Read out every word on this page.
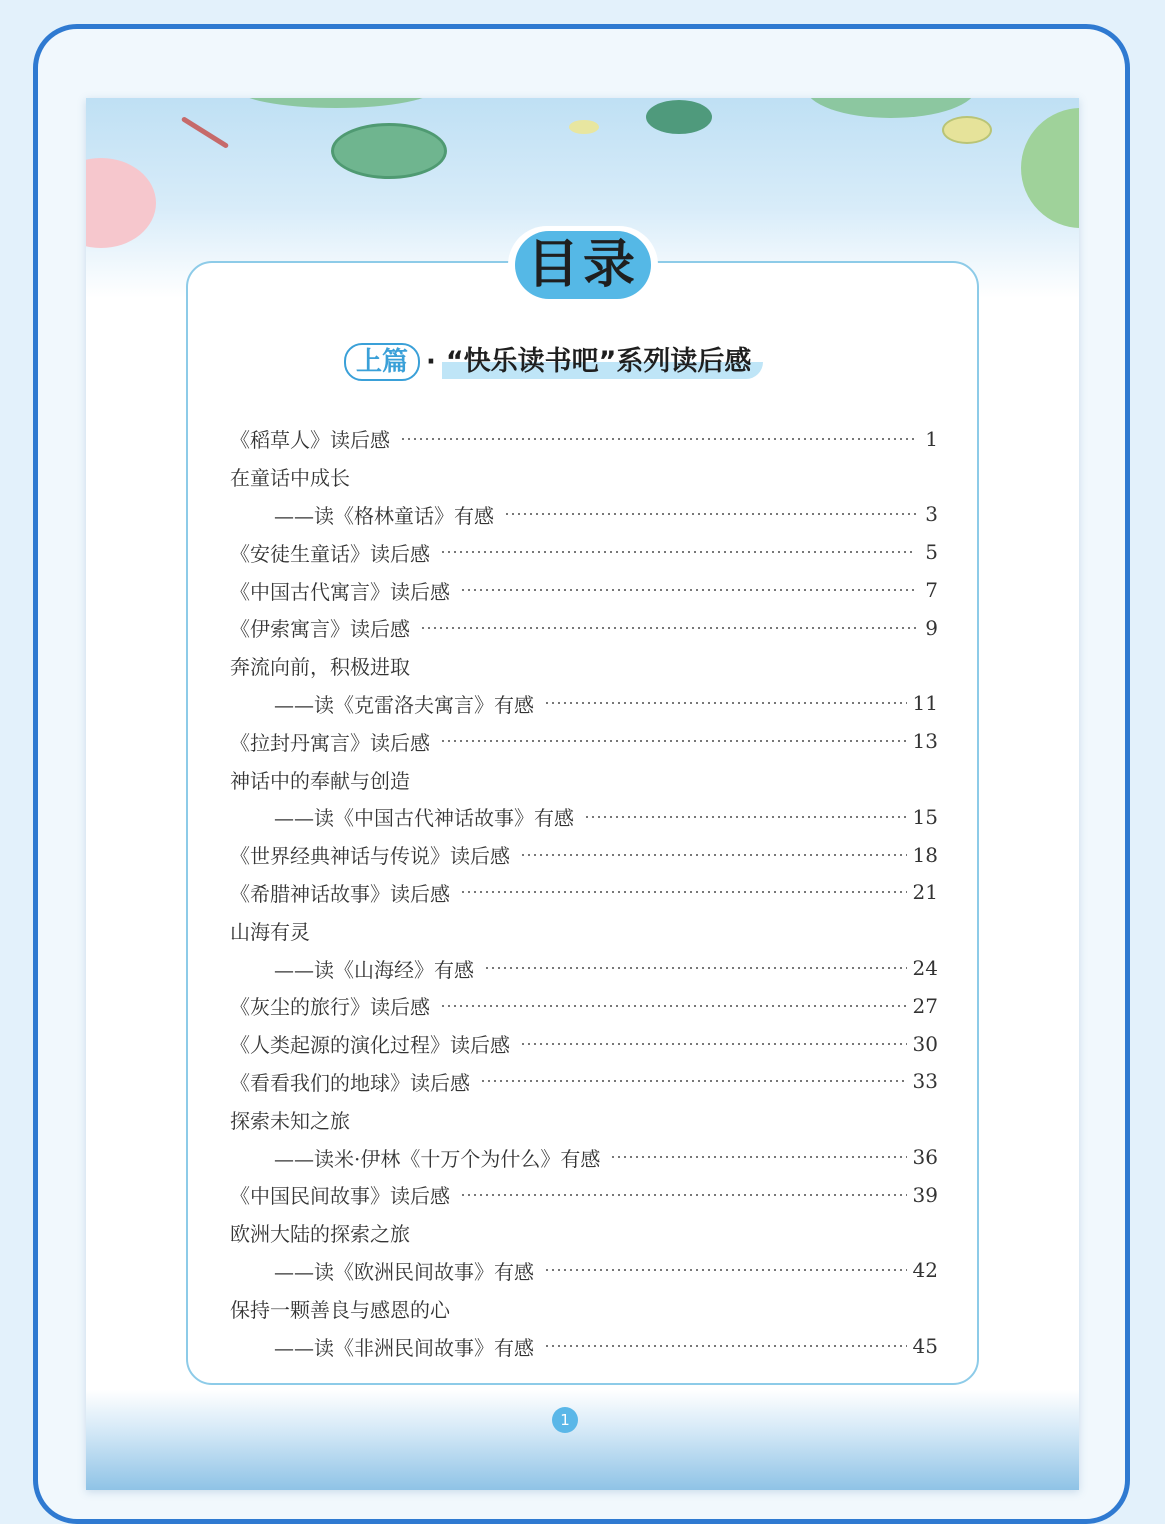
目录
上篇 · “快乐读书吧”系列读后感
《稻草人》读后感	1
在童话中成长
——读《格林童话》有感	3
《安徒生童话》读后感	5
《中国古代寓言》读后感	7
《伊索寓言》读后感	9
奔流向前，积极进取
——读《克雷洛夫寓言》有感	11
《拉封丹寓言》读后感	13
神话中的奉献与创造
——读《中国古代神话故事》有感	15
《世界经典神话与传说》读后感	18
《希腊神话故事》读后感	21
山海有灵
——读《山海经》有感	24
《灰尘的旅行》读后感	27
《人类起源的演化过程》读后感	30
《看看我们的地球》读后感	33
探索未知之旅
——读米·伊林《十万个为什么》有感	36
《中国民间故事》读后感	39
欧洲大陆的探索之旅
——读《欧洲民间故事》有感	42
保持一颗善良与感恩的心
——读《非洲民间故事》有感	45
1
